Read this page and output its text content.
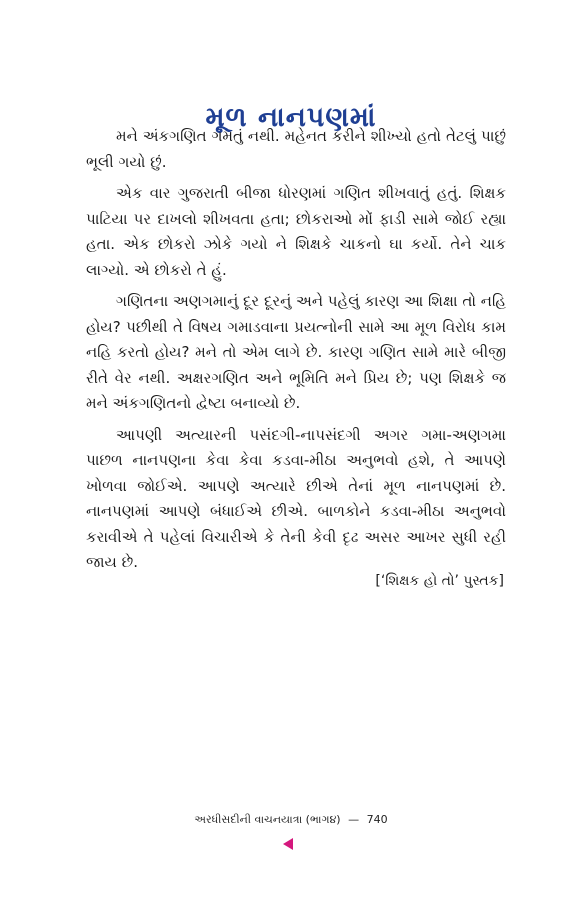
મૂળ નાનપણમાં

મને અંકગણિત ગમતું નથી. મહેનત કરીને શીખ્યો હતો તેટલું પાછું ભૂલી ગયો છું.

એક વાર ગુજરાતી બીજા ધોરણમાં ગણિત શીખવાતું હતું. શિક્ષક પાટિયા પર દાખલો શીખવતા હતા; છોકરાઓ મોં ફાડી સામે જોઈ રહ્યા હતા. એક છોકરો ઝોકે ગયો ને શિક્ષકે ચાકનો ઘા કર્યો. તેને ચાક લાગ્યો. એ છોકરો તે હું.

ગણિતના અણગમાનું દૂર દૂરનું અને પહેલું કારણ આ શિક્ષા તો નહિ હોય? પછીથી તે વિષય ગમાડવાના પ્રયત્નોની સામે આ મૂળ વિરોધ કામ નહિ કરતો હોય? મને તો એમ લાગે છે. કારણ ગણિત સામે મારે બીજી રીતે વેર નથી. અક્ષરગણિત અને ભૂમિતિ મને પ્રિય છે; પણ શિક્ષકે જ મને અંકગણિતનો દ્વેષ્ટા બનાવ્યો છે.

આપણી અત્યારની પસંદગી-નાપસંદગી અગર ગમા-અણગમા પાછળ નાનપણના કેવા કેવા કડવા-મીઠા અનુભવો હશે, તે આપણે ખોળવા જોઈએ. આપણે અત્યારે છીએ તેનાં મૂળ નાનપણમાં છે. નાનપણમાં આપણે બંધાઈએ છીએ. બાળકોને કડવા-મીઠા અનુભવો કરાવીએ તે પહેલાં વિચારીએ કે તેની કેવી દૃઢ અસર આખર સુધી રહી જાય છે.

[‘શિક્ષક હો તો’ પુસ્તક]
અરધીસદીની વાચનયાત્રા (ભાગ૪) — 740
